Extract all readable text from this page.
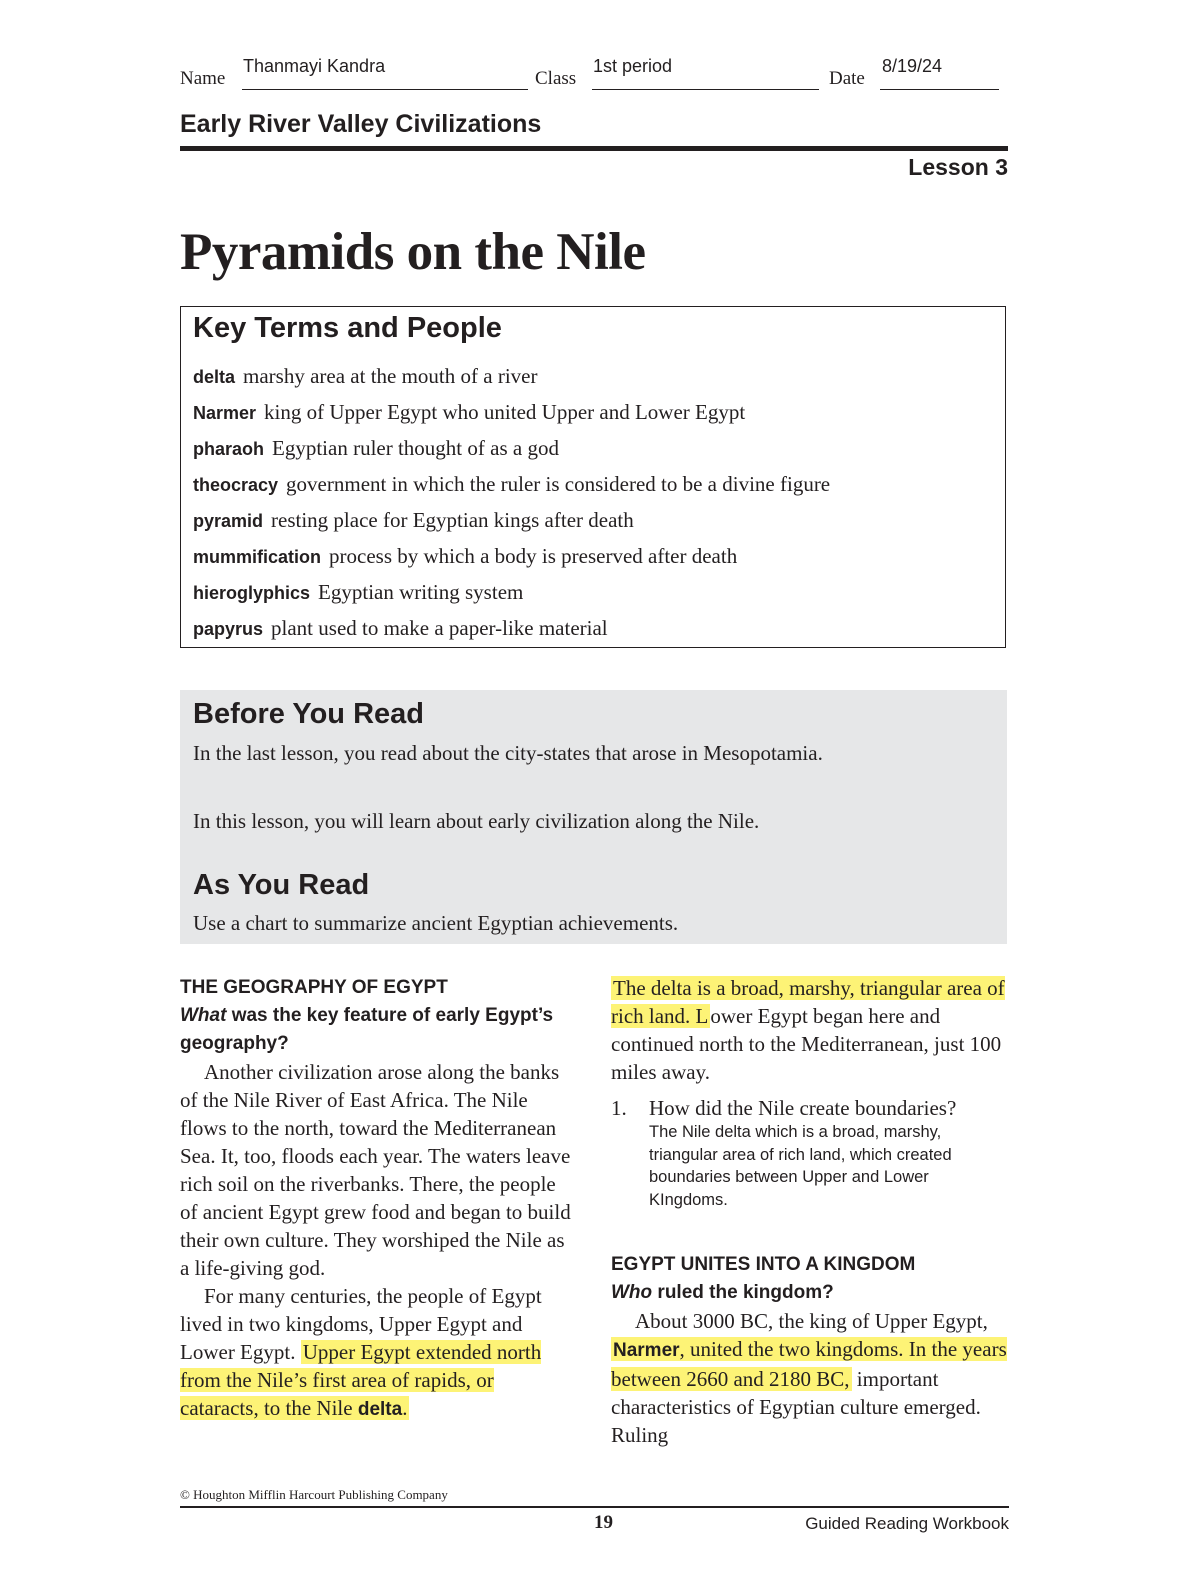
Name
Thanmayi Kandra
Class
1st period
Date
8/19/24
Early River Valley Civilizations
Lesson 3
Pyramids on the Nile
Key Terms and People
delta marshy area at the mouth of a river
Narmer king of Upper Egypt who united Upper and Lower Egypt
pharaoh Egyptian ruler thought of as a god
theocracy government in which the ruler is considered to be a divine figure
pyramid resting place for Egyptian kings after death
mummification process by which a body is preserved after death
hieroglyphics Egyptian writing system
papyrus plant used to make a paper-like material
Before You Read
In the last lesson, you read about the city-states that arose in Mesopotamia.
In this lesson, you will learn about early civilization along the Nile.
As You Read
Use a chart to summarize ancient Egyptian achievements.
THE GEOGRAPHY OF EGYPT
What was the key feature of early Egypt’s geography?

Another civilization arose along the banks of the Nile River of East Africa. The Nile flows to the north, toward the Mediterranean Sea. It, too, floods each year. The waters leave rich soil on the riverbanks. There, the people of ancient Egypt grew food and began to build their own culture. They worshiped the Nile as a life-giving god.

For many centuries, the people of Egypt lived in two kingdoms, Upper Egypt and Lower Egypt. Upper Egypt extended north from the Nile’s first area of rapids, or cataracts, to the Nile delta.

The delta is a broad, marshy, triangular area of rich land. Lower Egypt began here and continued north to the Mediterranean, just 100 miles away.

1.	How did the Nile create boundaries?
The Nile delta which is a broad, marshy, triangular area of rich land, which created boundaries between Upper and Lower KIngdoms.
EGYPT UNITES INTO A KINGDOM
Who ruled the kingdom?

About 3000 BC, the king of Upper Egypt, Narmer, united the two kingdoms. In the years between 2660 and 2180 BC, important characteristics of Egyptian culture emerged. Ruling

© Houghton Mifflin Harcourt Publishing Company
19	Guided Reading Workbook
